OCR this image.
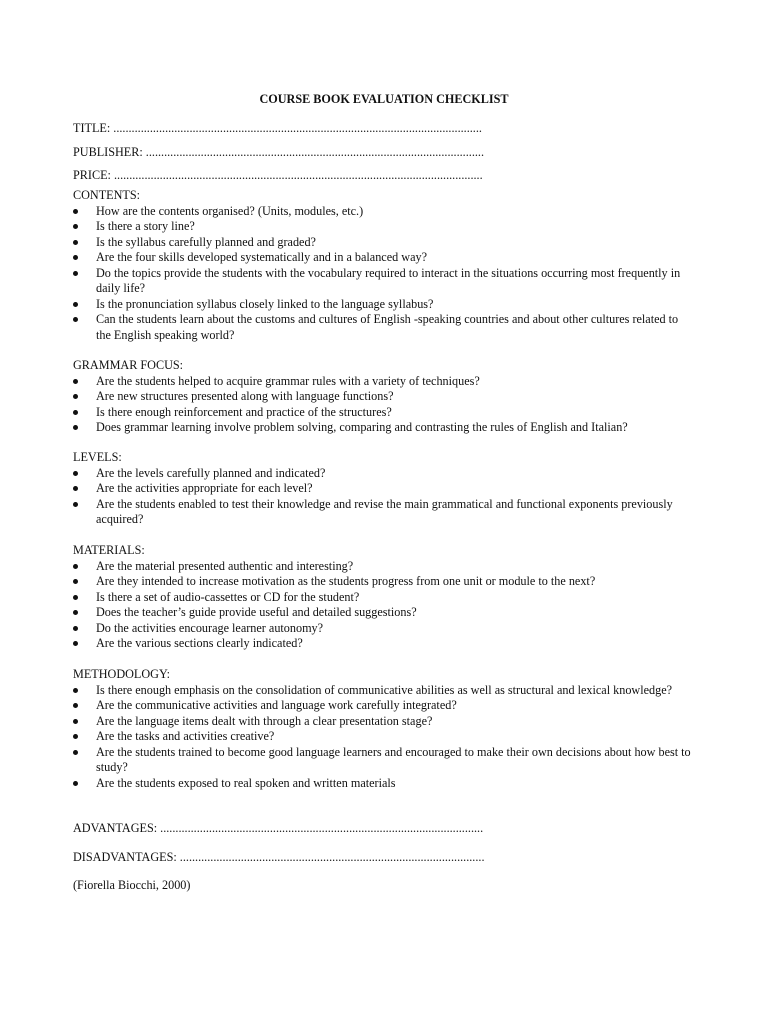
COURSE BOOK EVALUATION CHECKLIST
TITLE: .........................................................................................................................
PUBLISHER: ...............................................................................................................
PRICE: .........................................................................................................................
CONTENTS:
How are the contents organised? (Units, modules, etc.)
Is there a story line?
Is the syllabus carefully planned and graded?
Are the four skills developed systematically and in a balanced way?
Do the topics provide the students with the vocabulary required to interact in the situations occurring most frequently in daily life?
Is the pronunciation syllabus closely linked to the language syllabus?
Can the students learn about the customs and cultures of English -speaking countries and about other cultures related to the English speaking world?
GRAMMAR FOCUS:
Are the students helped to acquire grammar rules with a variety of techniques?
Are new structures presented along with language functions?
Is there enough reinforcement and practice of the structures?
Does grammar learning involve problem solving, comparing and contrasting the rules of English and Italian?
LEVELS:
Are the levels carefully planned and indicated?
Are the activities appropriate for each level?
Are the students enabled to test their knowledge and revise the main grammatical and functional exponents previously acquired?
MATERIALS:
Are the material presented authentic and interesting?
Are they intended to increase motivation as the students progress from one unit or module to the next?
Is there a set of audio-cassettes or CD for the student?
Does the teacher’s guide provide useful and detailed suggestions?
Do the activities encourage learner autonomy?
Are the various sections clearly indicated?
METHODOLOGY:
Is there enough emphasis on the consolidation of communicative abilities as well as structural and lexical knowledge?
Are the communicative activities and language work carefully integrated?
Are the language items dealt with through a clear presentation stage?
Are the tasks and activities creative?
Are the students trained to become good language learners and encouraged to make their own decisions about how best to study?
Are the students exposed to real spoken and written materials
ADVANTAGES: ..........................................................................................................
DISADVANTAGES: ....................................................................................................
(Fiorella Biocchi, 2000)
